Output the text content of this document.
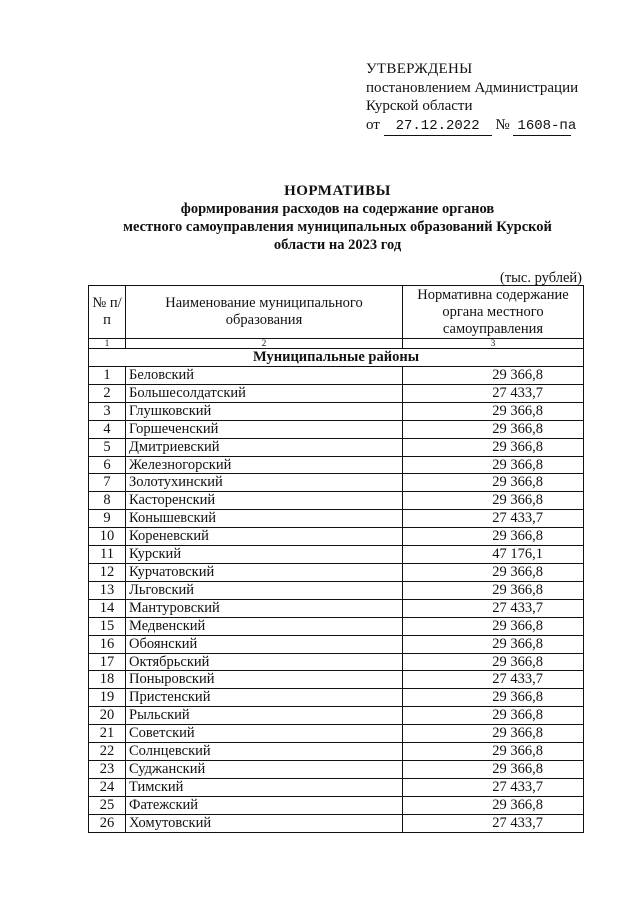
УТВЕРЖДЕНЫ
постановлением Администрации
Курской области
от 27.12.2022 № 1608-па
НОРМАТИВЫ
формирования расходов на содержание органов
местного самоуправления муниципальных образований Курской
области на 2023 год
(тыс. рублей)
№ п/п	Наименование муниципального образования	Нормативна содержание органа местного самоуправления
1	2	3
Муниципальные районы		
1	Беловский	29 366,8
2	Большесолдатский	27 433,7
3	Глушковский	29 366,8
4	Горшеченский	29 366,8
5	Дмитриевский	29 366,8
6	Железногорский	29 366,8
7	Золотухинский	29 366,8
8	Касторенский	29 366,8
9	Конышевский	27 433,7
10	Кореневский	29 366,8
11	Курский	47 176,1
12	Курчатовский	29 366,8
13	Льговский	29 366,8
14	Мантуровский	27 433,7
15	Медвенский	29 366,8
16	Обоянский	29 366,8
17	Октябрьский	29 366,8
18	Поныровский	27 433,7
19	Пристенский	29 366,8
20	Рыльский	29 366,8
21	Советский	29 366,8
22	Солнцевский	29 366,8
23	Суджанский	29 366,8
24	Тимский	27 433,7
25	Фатежский	29 366,8
26	Хомутовский	27 433,7
